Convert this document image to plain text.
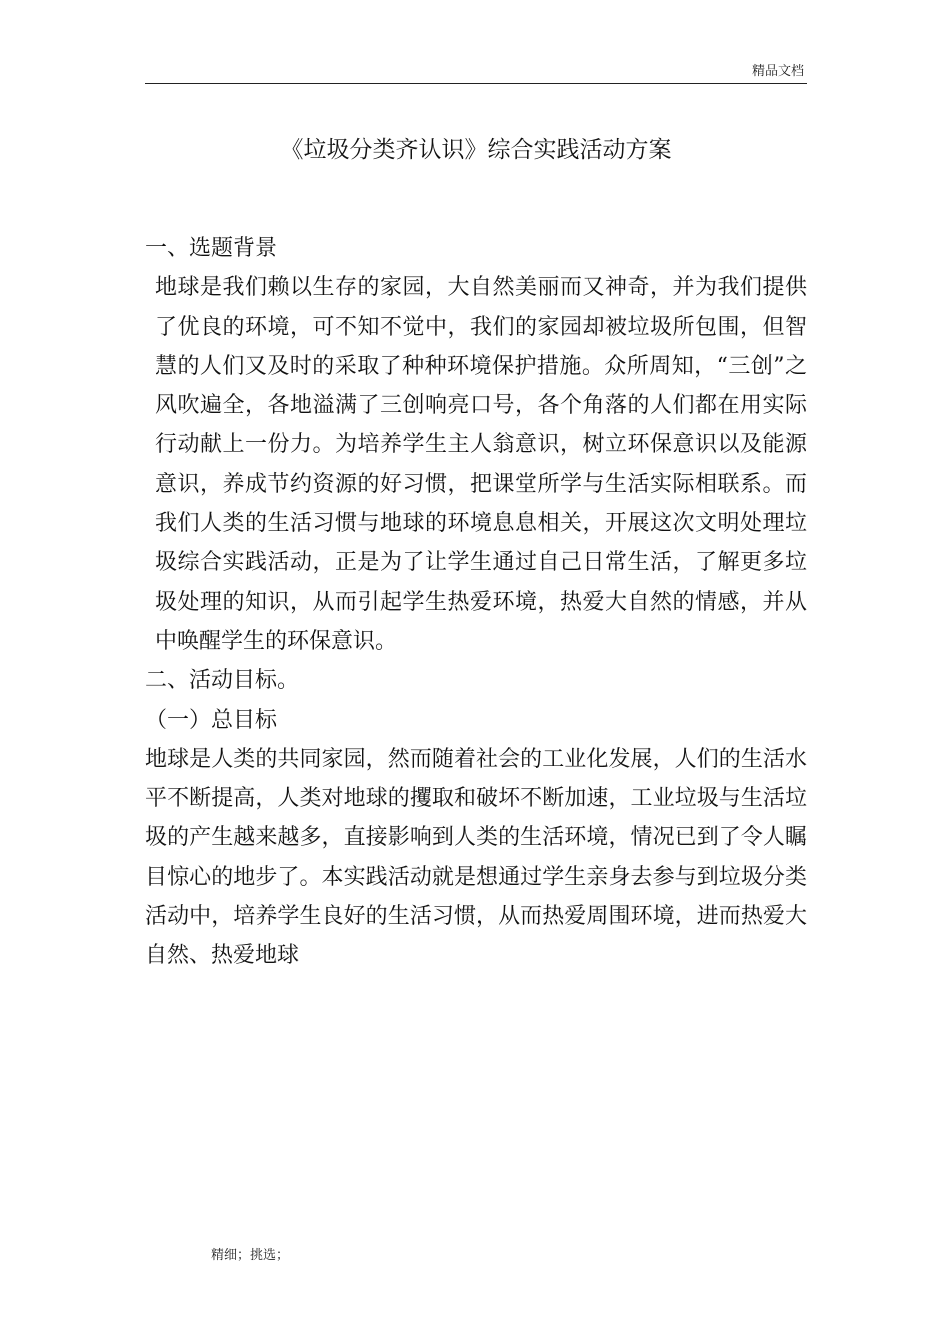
精品文档
《垃圾分类齐认识》综合实践活动方案

一、选题背景

地球是我们赖以生存的家园，大自然美丽而又神奇，并为我们提供了优良的环境，可不知不觉中，我们的家园却被垃圾所包围，但智慧的人们又及时的采取了种种环境保护措施。众所周知，“三创”之风吹遍全，各地溢满了三创响亮口号，各个角落的人们都在用实际行动献上一份力。为培养学生主人翁意识，树立环保意识以及能源意识，养成节约资源的好习惯，把课堂所学与生活实际相联系。而我们人类的生活习惯与地球的环境息息相关，开展这次文明处理垃圾综合实践活动，正是为了让学生通过自己日常生活，了解更多垃圾处理的知识，从而引起学生热爱环境，热爱大自然的情感，并从中唤醒学生的环保意识。

二、活动目标。

（一）总目标

地球是人类的共同家园，然而随着社会的工业化发展，人们的生活水平不断提高，人类对地球的攫取和破坏不断加速，工业垃圾与生活垃圾的产生越来越多，直接影响到人类的生活环境，情况已到了令人瞩目惊心的地步了。本实践活动就是想通过学生亲身去参与到垃圾分类活动中，培养学生良好的生活习惯，从而热爱周围环境，进而热爱大自然、热爱地球

精细；挑选；
